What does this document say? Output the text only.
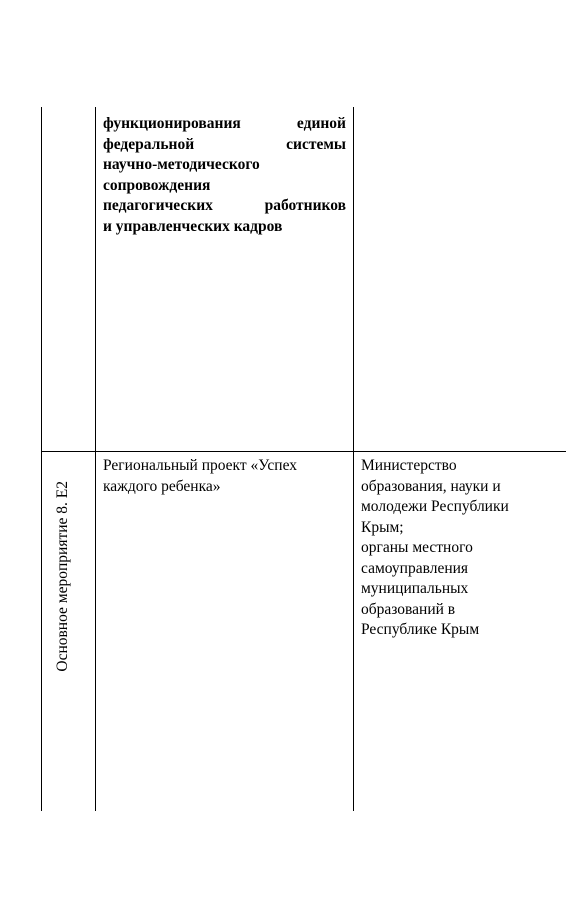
функционирования единой
федеральной системы
научно-методического
сопровождения
педагогических работников
и управленческих кадров
Основное мероприятие 8. Е2
Региональный проект «Успех
каждого ребенка»
Министерство
образования, науки и
молодежи Республики
Крым;
органы местного
самоуправления
муниципальных
образований в
Республике Крым
